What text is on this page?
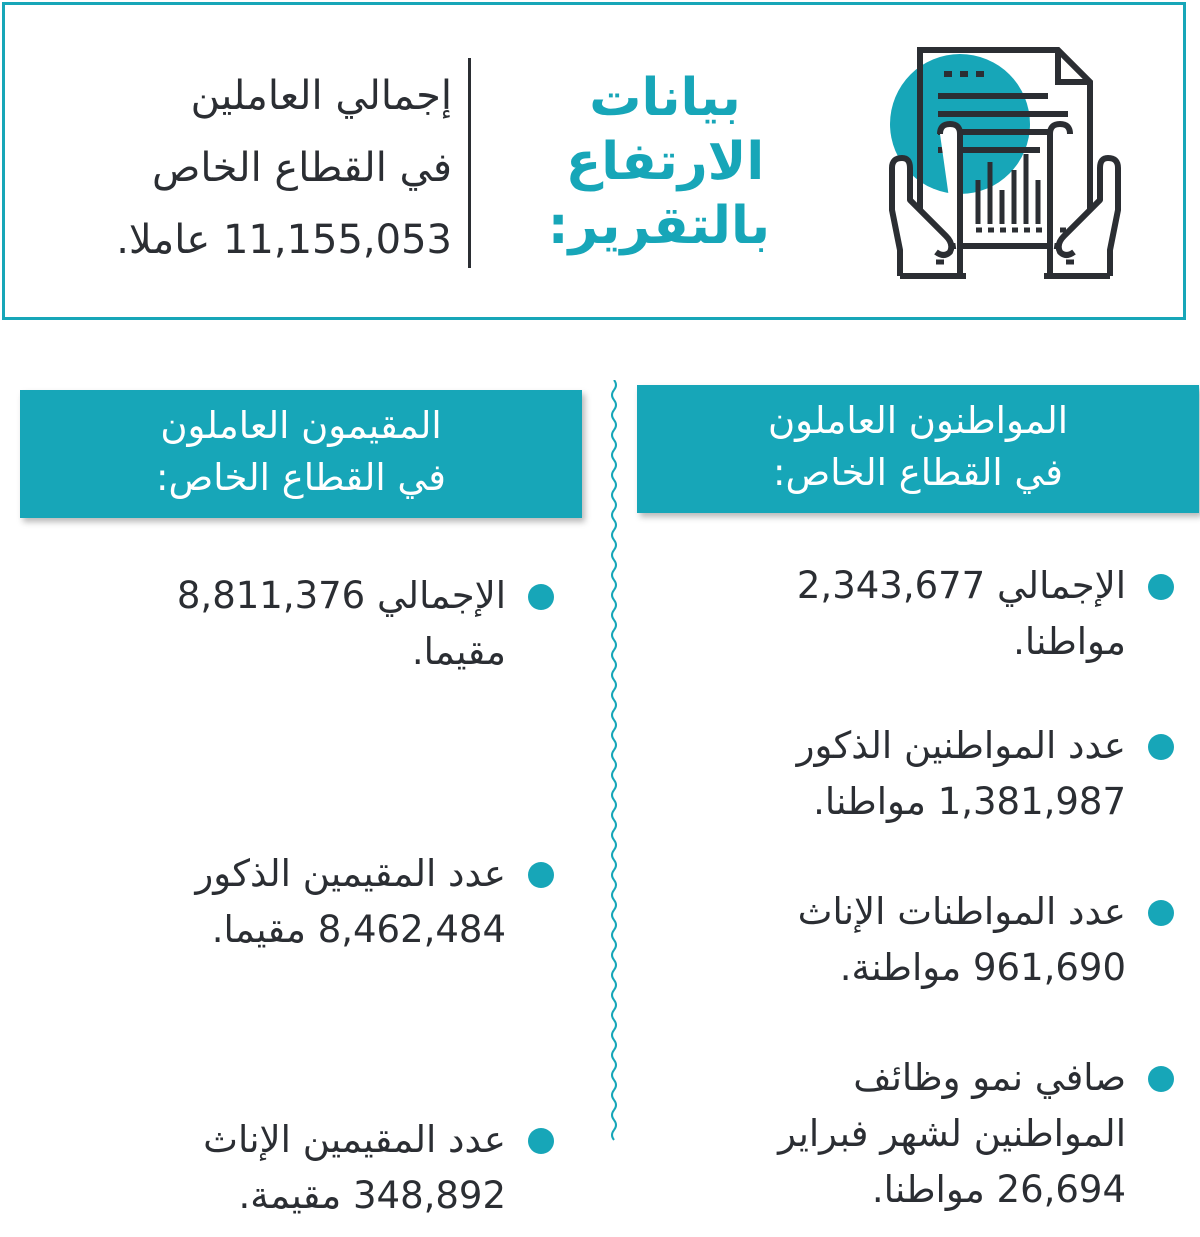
بيانات
الارتفاع
بالتقرير:
إجمالي العاملين
في القطاع الخاص
11,155,053 عاملا.
المواطنون العاملون
في القطاع الخاص:
المقيمون العاملون
في القطاع الخاص:
الإجمالي 2,343,677
مواطنا.
عدد المواطنين الذكور
1,381,987 مواطنا.
عدد المواطنات الإناث
961,690 مواطنة.
صافي نمو وظائف
المواطنين لشهر فبراير
26,694 مواطنا.
الإجمالي 8,811,376
مقيما.
عدد المقيمين الذكور
8,462,484 مقيما.
عدد المقيمين الإناث
348,892 مقيمة.
